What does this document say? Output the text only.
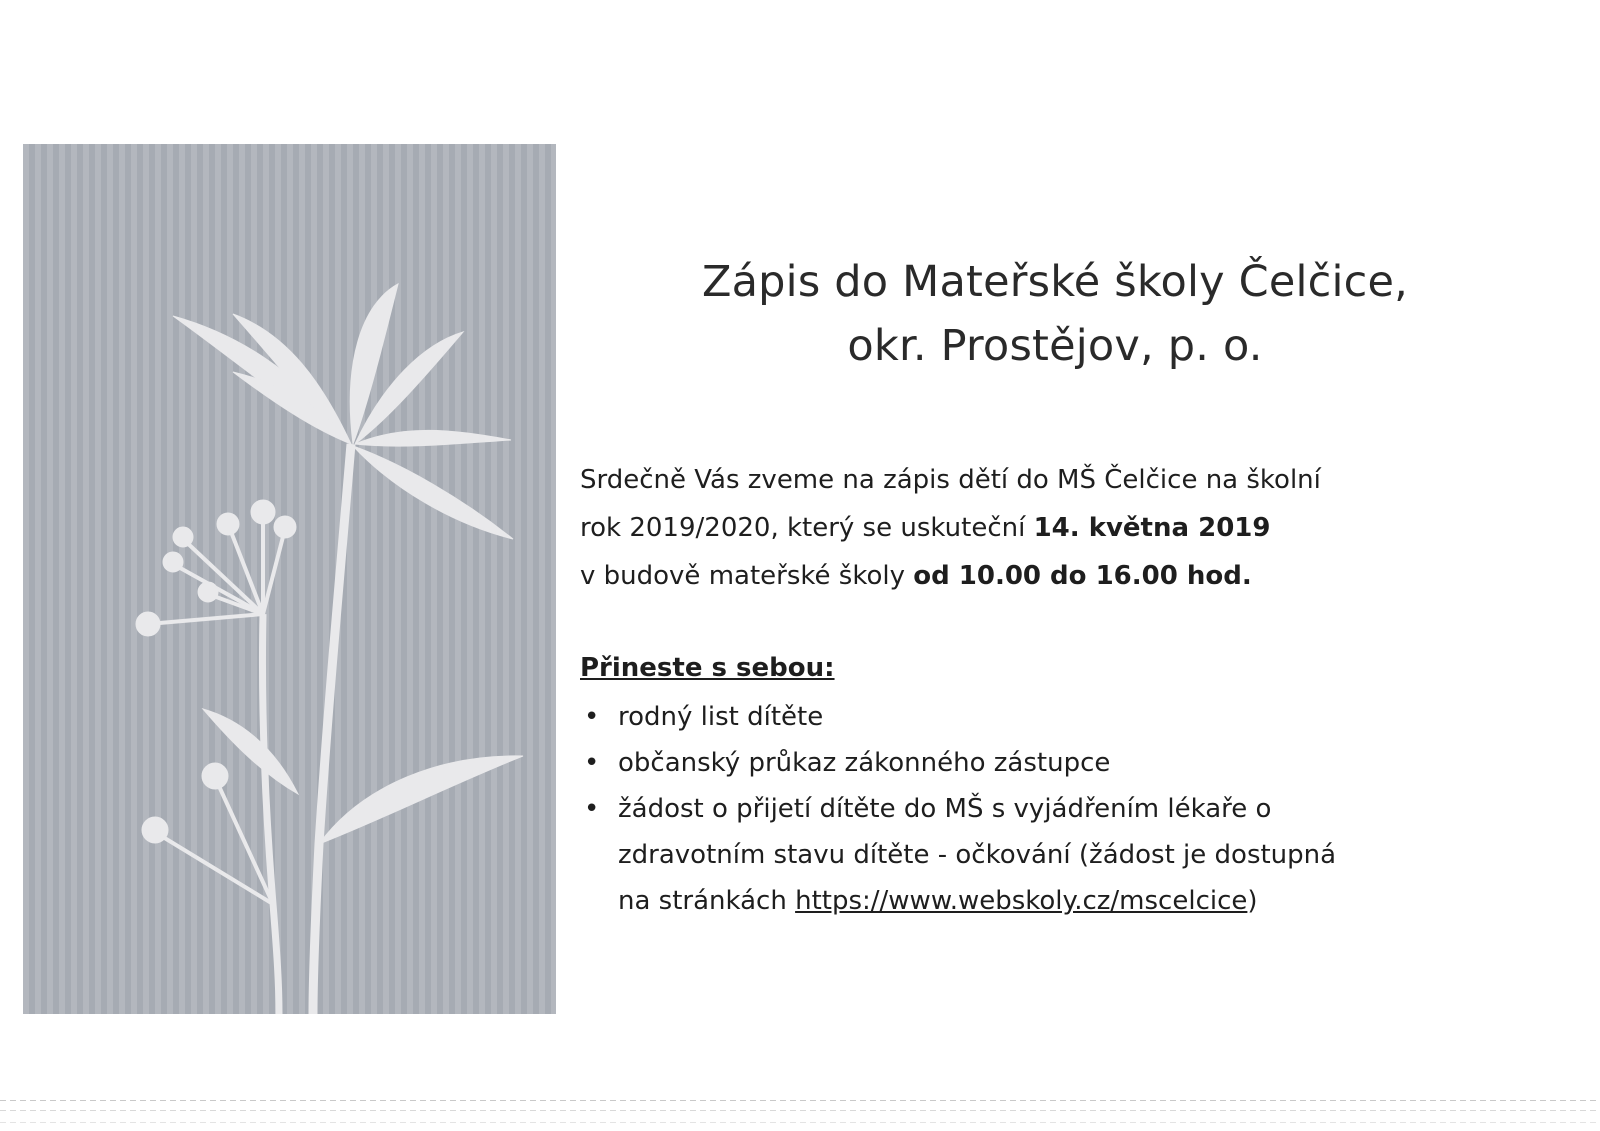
Zápis do Mateřské školy Čelčice,
okr. Prostějov, p. o.
Srdečně Vás zveme na zápis dětí do MŠ Čelčice na školní
rok 2019/2020, který se uskuteční 14. května 2019
v budově mateřské školy od 10.00 do 16.00 hod.
Přineste s sebou:
• rodný list dítěte
• občanský průkaz zákonného zástupce
• žádost o přijetí dítěte do MŠ s vyjádřením lékaře o
zdravotním stavu dítěte - očkování (žádost je dostupná
na stránkách https://www.webskoly.cz/mscelcice)
